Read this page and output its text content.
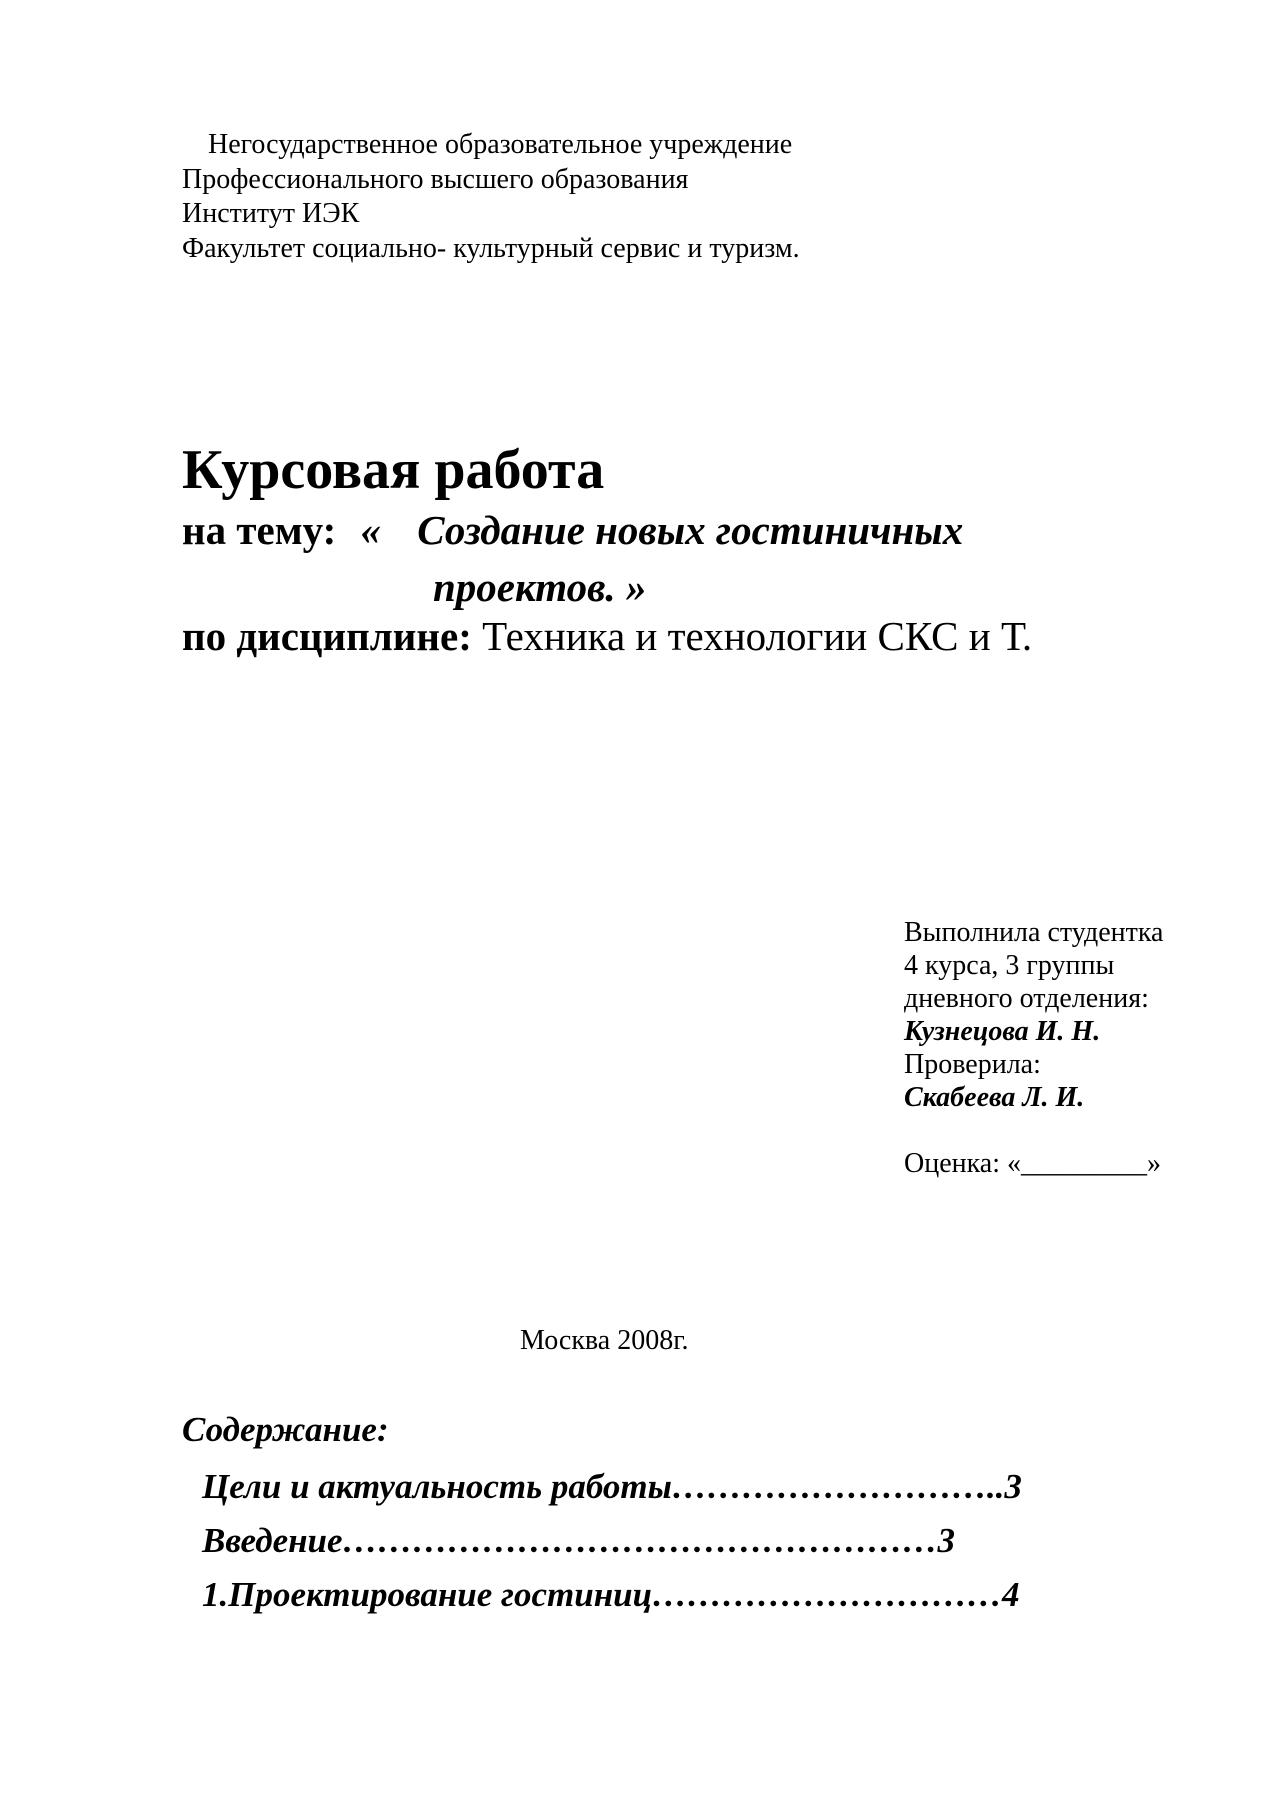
Негосударственное образовательное учреждение
Профессионального высшего образования
Институт ИЭК
Факультет социально- культурный сервис и туризм.
Курсовая работа
на тему: « Создание новых гостиничных
проектов. »
по дисциплине: Техника и технологии СКС и Т.
Выполнила студентка
4 курса, 3 группы
дневного отделения:
Кузнецова И. Н.
Проверила:
Скабеева Л. И.
Оценка: «_________»
Москва 2008г.
Содержание:
Цели и актуальность работы………………………..3
Введение……………………………………………3
1.Проектирование гостиниц…………………………4
